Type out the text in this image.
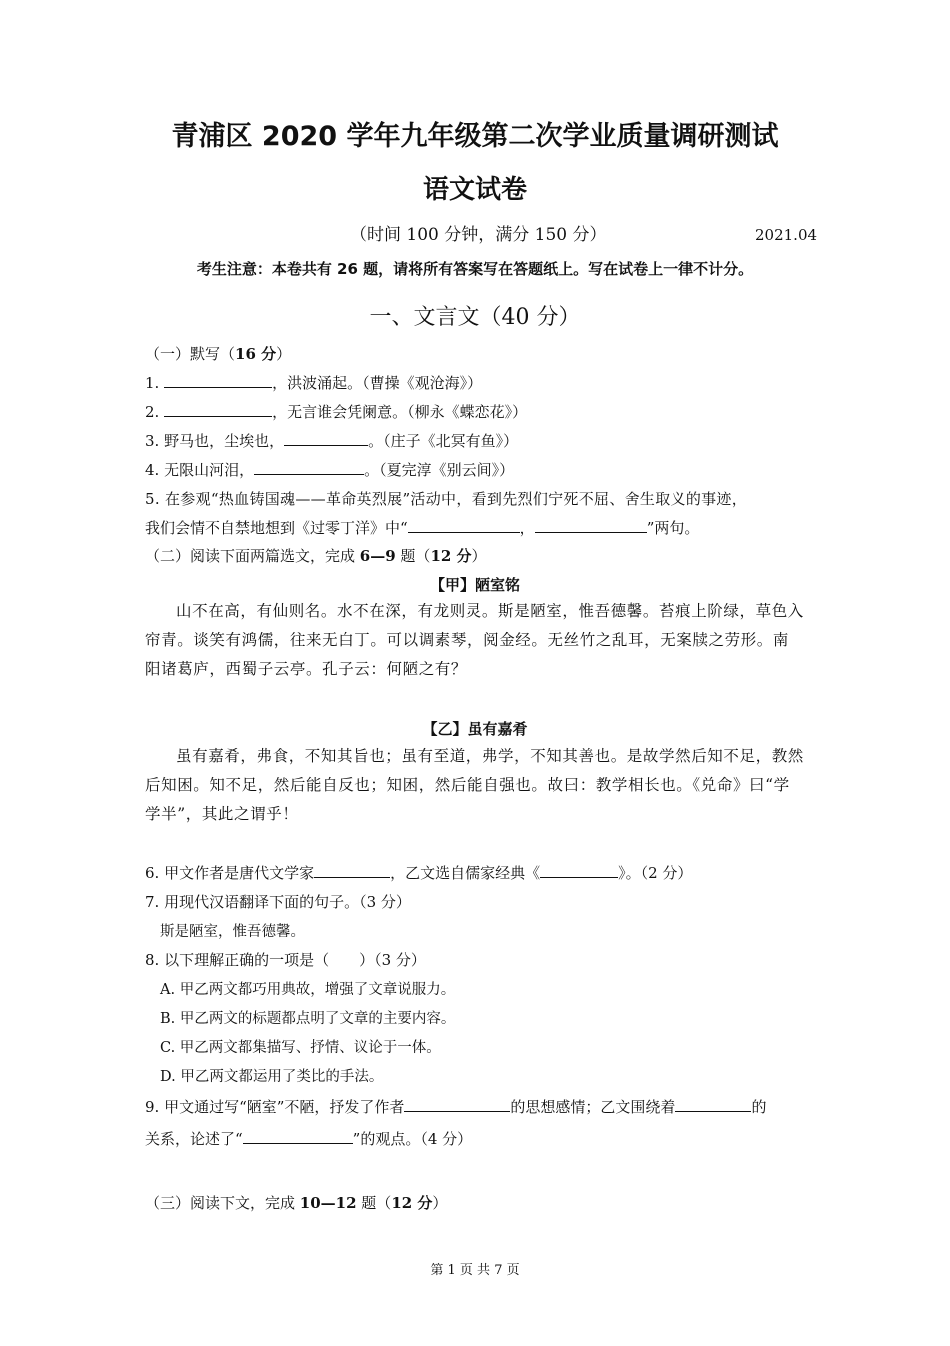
青浦区 2020 学年九年级第二次学业质量调研测试
语文试卷
（时间 100 分钟，满分 150 分）	2021.04
考生注意：本卷共有 26 题，请将所有答案写在答题纸上。写在试卷上一律不计分。
一、文言文（40 分）
（一）默写（16 分）
1.	，洪波涌起。（曹操《观沧海》）
2.	，无言谁会凭阑意。（柳永《蝶恋花》）
3. 野马也，尘埃也，	。（庄子《北冥有鱼》）
4. 无限山河泪，	。（夏完淳《别云间》）
5. 在参观“热血铸国魂——革命英烈展”活动中，看到先烈们宁死不屈、舍生取义的事迹，
我们会情不自禁地想到《过零丁洋》中“	，	”两句。
（二）阅读下面两篇选文，完成 6—9 题（12 分）
【甲】陋室铭
山不在高，有仙则名。水不在深，有龙则灵。斯是陋室，惟吾德馨。苔痕上阶绿，草色入帘青。谈笑有鸿儒，往来无白丁。可以调素琴，阅金经。无丝竹之乱耳，无案牍之劳形。南阳诸葛庐，西蜀子云亭。孔子云：何陋之有？
【乙】虽有嘉肴
虽有嘉肴，弗食，不知其旨也；虽有至道，弗学，不知其善也。是故学然后知不足，教然后知困。知不足，然后能自反也；知困，然后能自强也。故曰：教学相长也。《兑命》曰“学学半”，其此之谓乎！
6. 甲文作者是唐代文学家	，乙文选自儒家经典《	》。（2 分）
7. 用现代汉语翻译下面的句子。（3 分）
斯是陋室，惟吾德馨。
8. 以下理解正确的一项是（　　）（3 分）
A. 甲乙两文都巧用典故，增强了文章说服力。
B. 甲乙两文的标题都点明了文章的主要内容。
C. 甲乙两文都集描写、抒情、议论于一体。
D. 甲乙两文都运用了类比的手法。
9. 甲文通过写“陋室”不陋，抒发了作者	的思想感情；乙文围绕着	的
关系，论述了“	”的观点。（4 分）
（三）阅读下文，完成 10—12 题（12 分）
第 1 页 共 7 页
